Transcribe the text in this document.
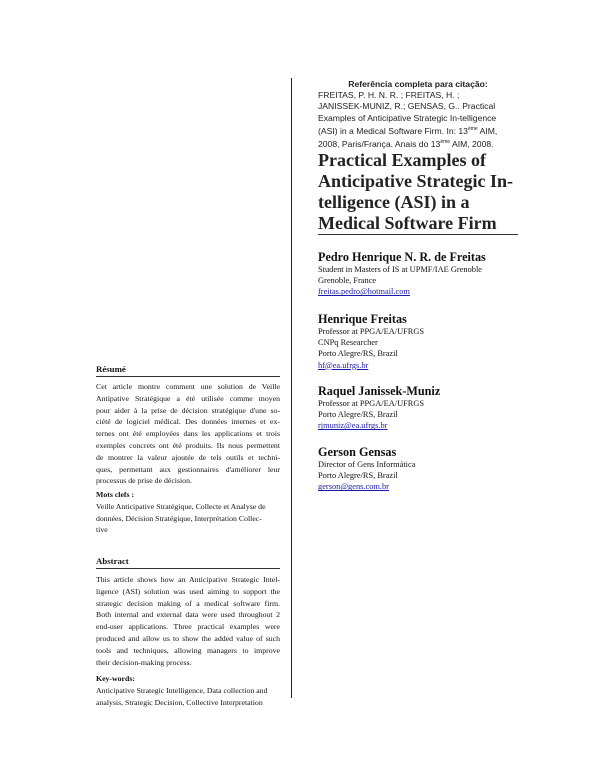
Referência completa para citação:
FREITAS, P. H. N. R. ; FREITAS, H. ;
JANISSEK-MUNIZ, R.; GENSAS, G.. Practical
Examples of Anticipative Strategic In-telligence
(ASI) in a Medical Software Firm. In: 13ème AIM,
2008, Paris/França. Anais do 13ème AIM, 2008.
Practical Examples of
Anticipative Strategic In-
telligence (ASI) in a
Medical Software Firm
Pedro Henrique N. R. de Freitas
Student in Masters of IS at UPMF/IAE Grenoble
Grenoble, France
freitas.pedro@hotmail.com
Henrique Freitas
Professor at PPGA/EA/UFRGS
CNPq Researcher
Porto Alegre/RS, Brazil
hf@ea.ufrgs.br
Raquel Janissek-Muniz
Professor at PPGA/EA/UFRGS
Porto Alegre/RS, Brazil
rjmuniz@ea.ufrgs.br
Gerson Gensas
Director of Gens Informática
Porto Alegre/RS, Brazil
gerson@gens.com.br
Résumé
Cet article montre comment une solution de Veille
Antipative Stratégique a été utilisée comme moyen
pour aider à la prise de décision stratégique d'une so-
ciété de logiciel médical. Des données internes et ex-
ternes ont été employées dans les applications et trois
exemples concrets ont été produits. Ils nous permettent
de montrer la valeur ajoutée de tels outils et techni-
ques, permettant aux gestionnaires d'améliorer leur
processus de prise de décision.
Mots clefs :
Veille Anticipative Stratégique, Collecte et Analyse de
données, Décision Stratégique, Interprétation Collec-
tive
Abstract
This article shows how an Anticipative Strategic Intel-
ligence (ASI) solution was used aiming to support the
strategic decision making of a medical software firm.
Both internal and external data were used throughout 2
end-user applications. Three practical examples were
produced and allow us to show the added value of such
tools and techniques, allowing managers to improve
their decision-making process.
Key-words:
Anticipative Strategic Intelligence, Data collection and
analysis, Strategic Decision, Collective Interpretation
